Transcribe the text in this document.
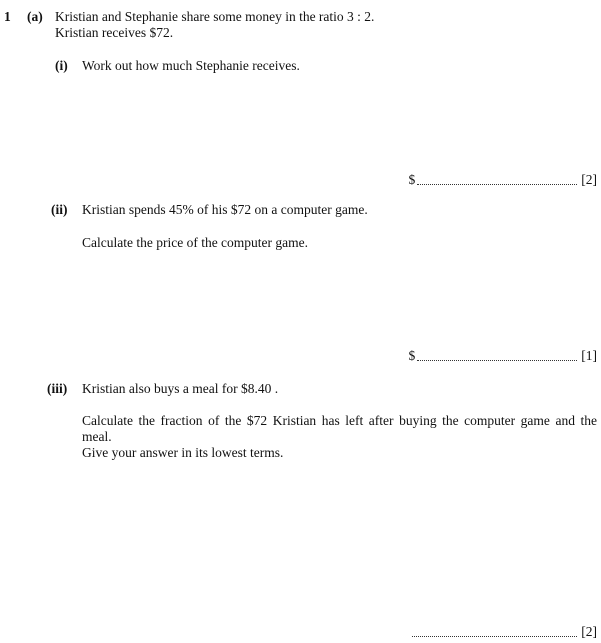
1 (a) Kristian and Stephanie share some money in the ratio 3 : 2.
Kristian receives $72.
(i) Work out how much Stephanie receives.
$	[2]
(ii) Kristian spends 45% of his $72 on a computer game.
Calculate the price of the computer game.
$	[1]
(iii) Kristian also buys a meal for $8.40 .
Calculate the fraction of the $72 Kristian has left after buying the computer game and the meal.
Give your answer in its lowest terms.
[2]
